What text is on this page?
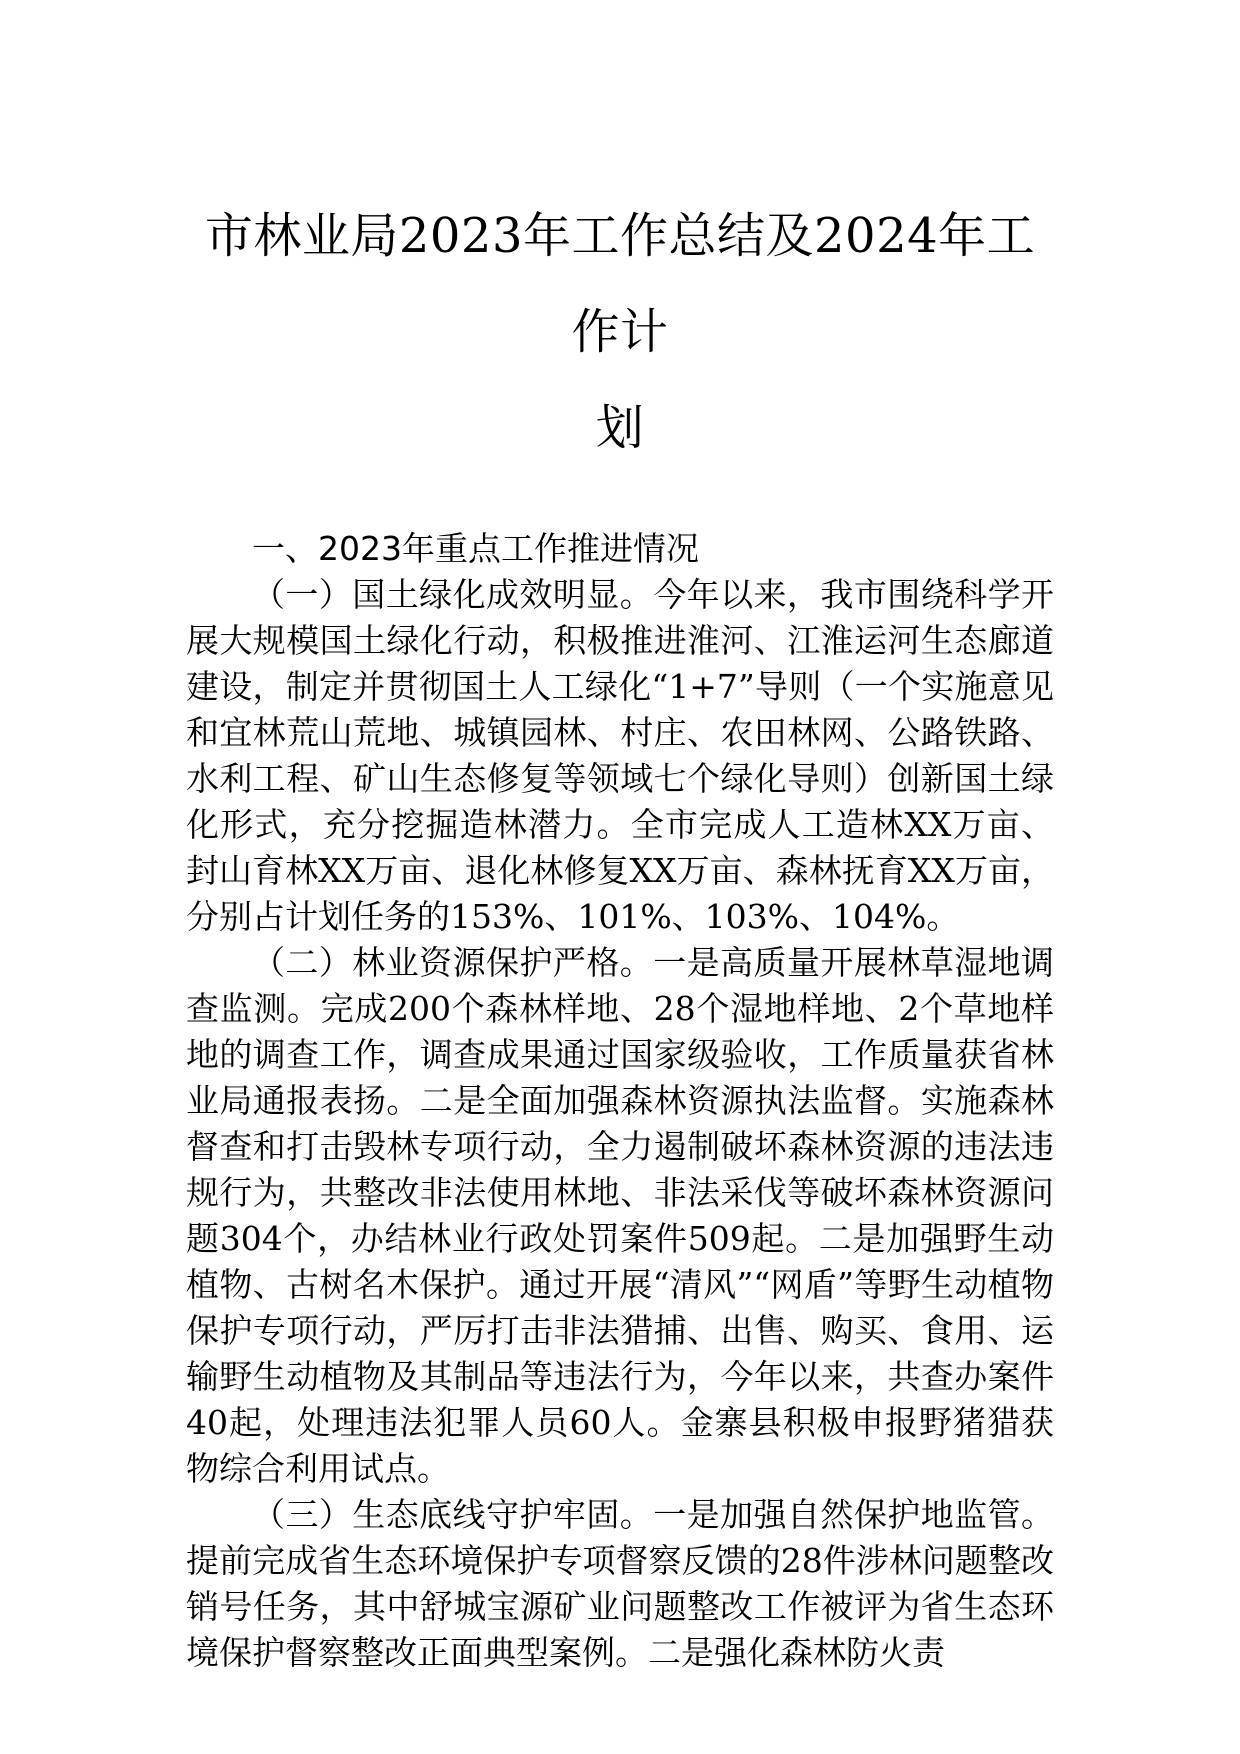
市林业局2023年工作总结及2024年工作计
划

一、2023年重点工作推进情况

（一）国土绿化成效明显。今年以来，我市围绕科学开展大规模国土绿化行动，积极推进淮河、江淮运河生态廊道建设，制定并贯彻国土人工绿化“1+7”导则（一个实施意见和宜林荒山荒地、城镇园林、村庄、农田林网、公路铁路、水利工程、矿山生态修复等领域七个绿化导则）创新国土绿化形式，充分挖掘造林潜力。全市完成人工造林XX万亩、封山育林XX万亩、退化林修复XX万亩、森林抚育XX万亩，分别占计划任务的153%、101%、103%、104%。

（二）林业资源保护严格。一是高质量开展林草湿地调查监测。完成200个森林样地、28个湿地样地、2个草地样地的调查工作，调查成果通过国家级验收，工作质量获省林业局通报表扬。二是全面加强森林资源执法监督。实施森林督查和打击毁林专项行动，全力遏制破坏森林资源的违法违规行为，共整改非法使用林地、非法采伐等破坏森林资源问题304个，办结林业行政处罚案件509起。二是加强野生动植物、古树名木保护。通过开展“清风”“网盾”等野生动植物保护专项行动，严厉打击非法猎捕、出售、购买、食用、运输野生动植物及其制品等违法行为，今年以来，共查办案件40起，处理违法犯罪人员60人。金寨县积极申报野猪猎获物综合利用试点。

（三）生态底线守护牢固。一是加强自然保护地监管。提前完成省生态环境保护专项督察反馈的28件涉林问题整改销号任务，其中舒城宝源矿业问题整改工作被评为省生态环境保护督察整改正面典型案例。二是强化森林防火责
